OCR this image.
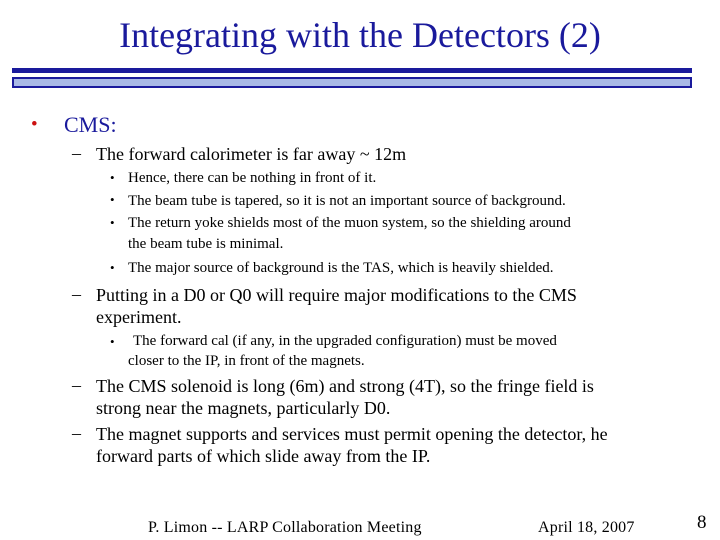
Integrating with the Detectors (2)
• CMS:
– The forward calorimeter is far away ~ 12m
• Hence, there can be nothing in front of it.
• The beam tube is tapered, so it is not an important source of background.
• The return yoke shields most of the muon system, so the shielding around
the beam tube is minimal.
• The major source of background is the TAS, which is heavily shielded.
– Putting in a D0 or Q0 will require major modifications to the CMS
experiment.
• The forward cal (if any, in the upgraded configuration) must be moved
closer to the IP, in front of the magnets.
– The CMS solenoid is long (6m) and strong (4T), so the fringe field is
strong near the magnets, particularly D0.
– The magnet supports and services must permit opening the detector, he
forward parts of which slide away from the IP.
P. Limon -- LARP Collaboration Meeting	April 18, 2007	8
